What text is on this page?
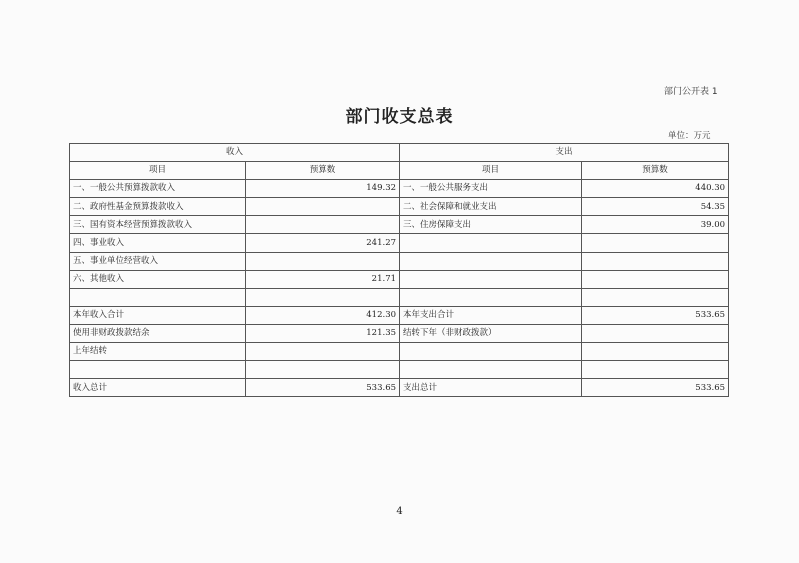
部门公开表 1
部门收支总表
单位：万元
收入		支出	
项目	预算数	项目	预算数
一、一般公共预算拨款收入	149.32	一、一般公共服务支出	440.30
二、政府性基金预算拨款收入		二、社会保障和就业支出	54.35
三、国有资本经营预算拨款收入		三、住房保障支出	39.00
四、事业收入	241.27		
五、事业单位经营收入			
六、其他收入	21.71		

本年收入合计	412.30	本年支出合计	533.65
使用非财政拨款结余	121.35	结转下年（非财政拨款）	
上年结转			

收入总计	533.65	支出总计	533.65
4
